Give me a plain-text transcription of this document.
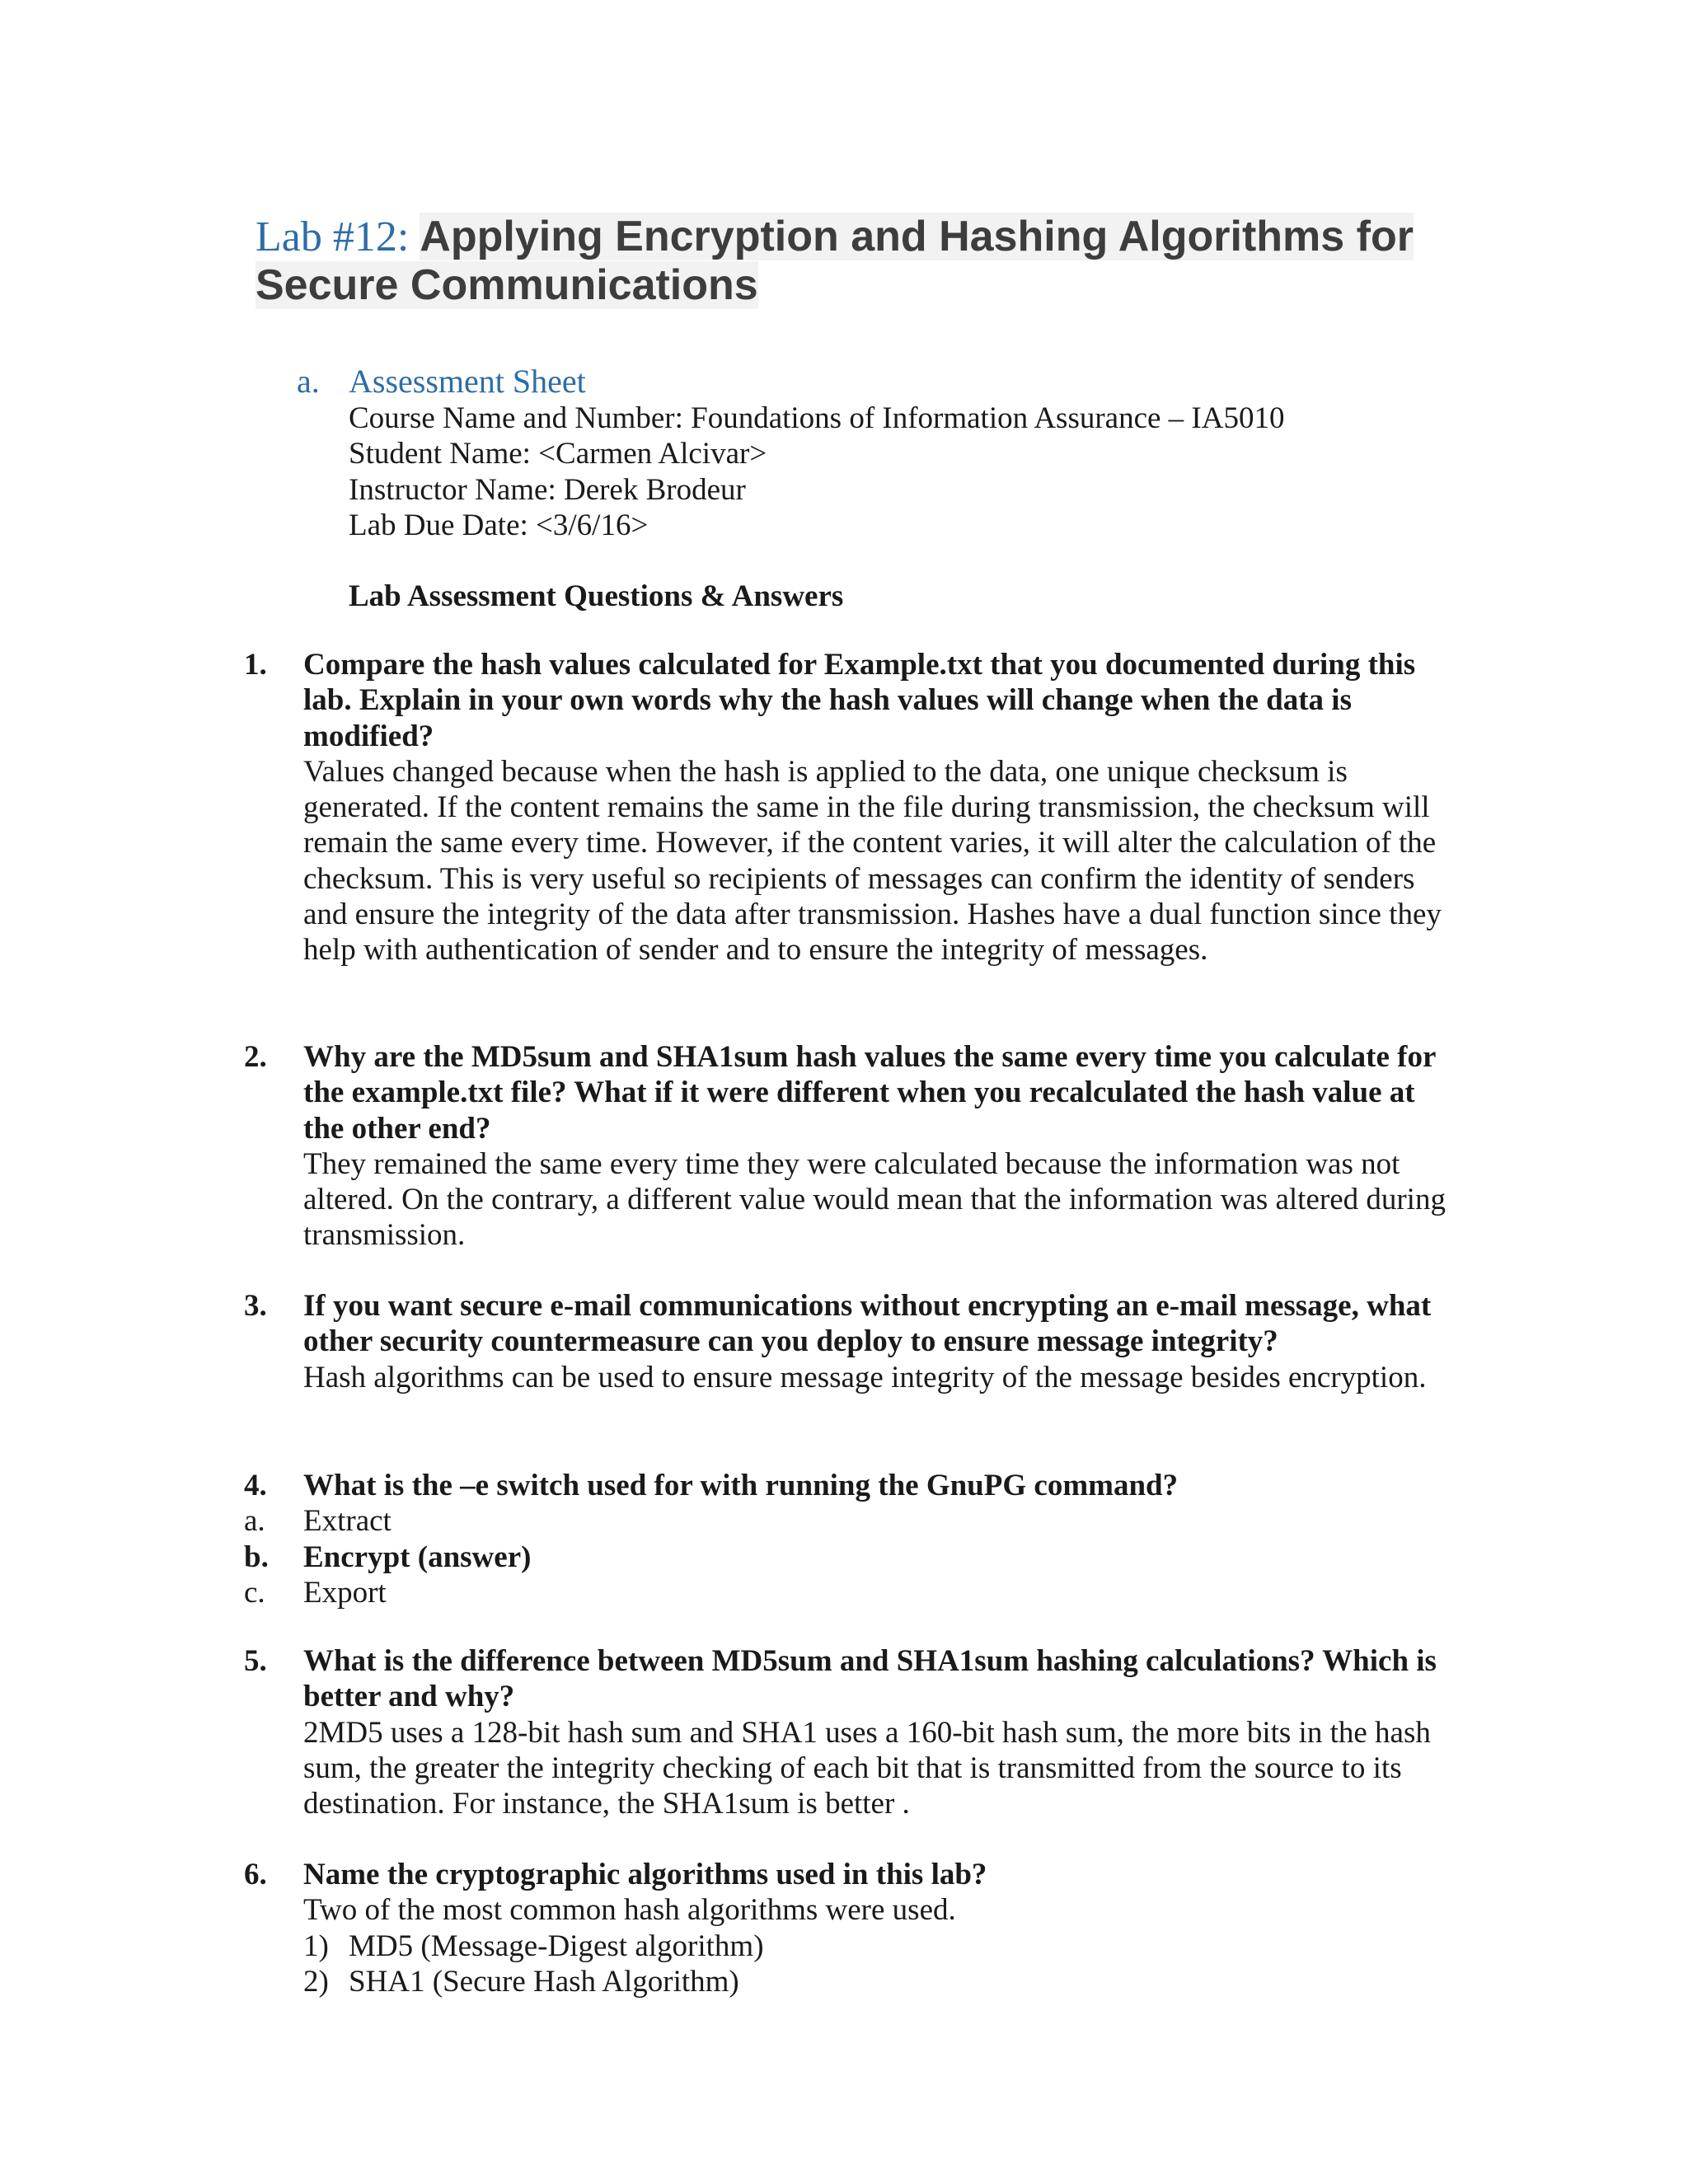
Lab #12: Applying Encryption and Hashing Algorithms for Secure Communications
a. Assessment Sheet
Course Name and Number: Foundations of Information Assurance – IA5010
Student Name: <Carmen Alcivar>
Instructor Name: Derek Brodeur
Lab Due Date: <3/6/16>
Lab Assessment Questions & Answers
1.	Compare the hash values calculated for Example.txt that you documented during this lab. Explain in your own words why the hash values will change when the data is modified?
Values changed because when the hash is applied to the data, one unique checksum is generated. If the content remains the same in the file during transmission, the checksum will remain the same every time. However, if the content varies, it will alter the calculation of the checksum. This is very useful so recipients of messages can confirm the identity of senders and ensure the integrity of the data after transmission. Hashes have a dual function since they help with authentication of sender and to ensure the integrity of messages.
2.	Why are the MD5sum and SHA1sum hash values the same every time you calculate for the example.txt file? What if it were different when you recalculated the hash value at the other end?
They remained the same every time they were calculated because the information was not altered. On the contrary, a different value would mean that the information was altered during transmission.
3.	If you want secure e-mail communications without encrypting an e-mail message, what other security countermeasure can you deploy to ensure message integrity?
Hash algorithms can be used to ensure message integrity of the message besides encryption.
4.	What is the –e switch used for with running the GnuPG command?
a.	Extract
b.	Encrypt (answer)
c.	Export
5.	What is the difference between MD5sum and SHA1sum hashing calculations? Which is better and why?
2MD5 uses a 128-bit hash sum and SHA1 uses a 160-bit hash sum, the more bits in the hash sum, the greater the integrity checking of each bit that is transmitted from the source to its destination. For instance, the SHA1sum is better .
6.	Name the cryptographic algorithms used in this lab?
Two of the most common hash algorithms were used.
1) MD5 (Message-Digest algorithm)
2) SHA1 (Secure Hash Algorithm)
